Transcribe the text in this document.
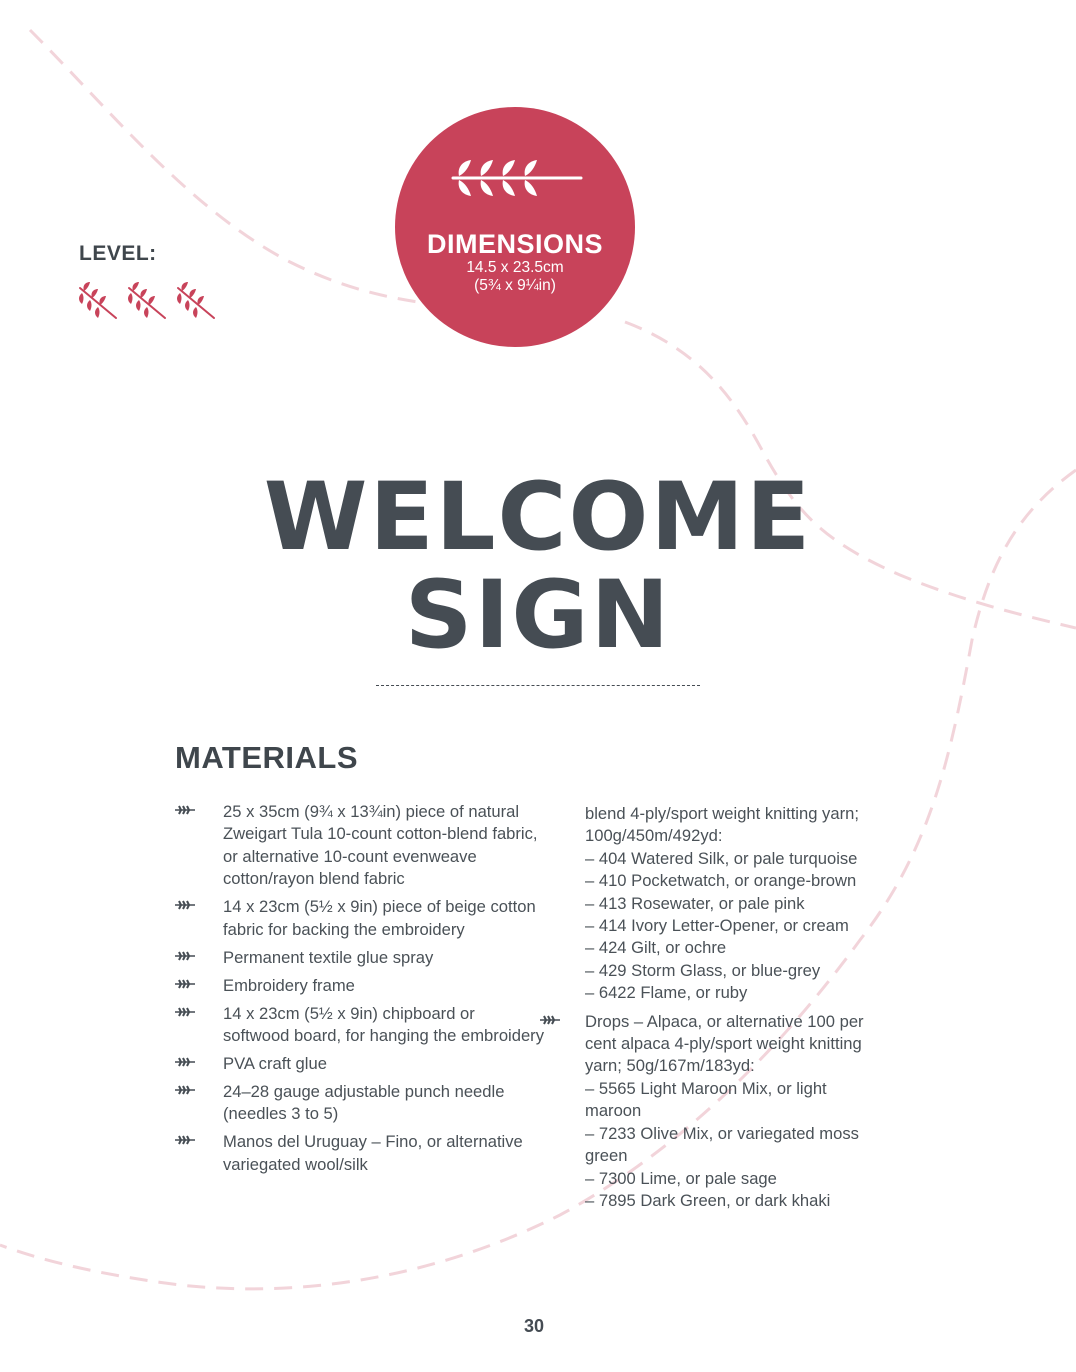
DIMENSIONS
14.5 x 23.5cm
(5¾ x 9¼in)
LEVEL:
WELCOME
SIGN
MATERIALS
25 x 35cm (9¾ x 13¾in) piece of natural Zweigart Tula 10-count cotton-blend fabric, or alternative 10-count evenweave cotton/rayon blend fabric
14 x 23cm (5½ x 9in) piece of beige cotton fabric for backing the embroidery
Permanent textile glue spray
Embroidery frame
14 x 23cm (5½ x 9in) chipboard or softwood board, for hanging the embroidery
PVA craft glue
24–28 gauge adjustable punch needle (needles 3 to 5)
Manos del Uruguay – Fino, or alternative variegated wool/silk
blend 4-ply/sport weight knitting yarn; 100g/450m/492yd:
– 404 Watered Silk, or pale turquoise
– 410 Pocketwatch, or orange-brown
– 413 Rosewater, or pale pink
– 414 Ivory Letter-Opener, or cream
– 424 Gilt, or ochre
– 429 Storm Glass, or blue-grey
– 6422 Flame, or ruby
Drops – Alpaca, or alternative 100 per cent alpaca 4-ply/sport weight knitting yarn; 50g/167m/183yd:
– 5565 Light Maroon Mix, or light maroon
– 7233 Olive Mix, or variegated moss green
– 7300 Lime, or pale sage
– 7895 Dark Green, or dark khaki
30
